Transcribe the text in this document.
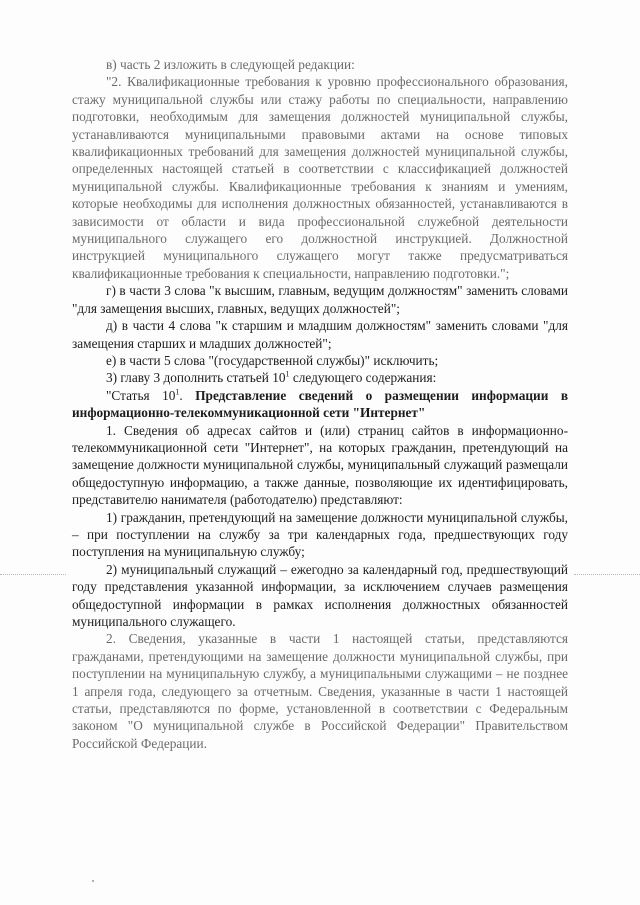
в) часть 2 изложить в следующей редакции:

"2. Квалификационные требования к уровню профессионального образования, стажу муниципальной службы или стажу работы по специальности, направлению подготовки, необходимым для замещения должностей муниципальной службы, устанавливаются муниципальными правовыми актами на основе типовых квалификационных требований для замещения должностей муниципальной службы, определенных настоящей статьей в соответствии с классификацией должностей муниципальной службы. Квалификационные требования к знаниям и умениям, которые необходимы для исполнения должностных обязанностей, устанавливаются в зависимости от области и вида профессиональной служебной деятельности муниципального служащего его должностной инструкцией. Должностной инструкцией муниципального служащего могут также предусматриваться квалификационные требования к специальности, направлению подготовки.";

г) в части 3 слова "к высшим, главным, ведущим должностям" заменить словами "для замещения высших, главных, ведущих должностей";

д) в части 4 слова "к старшим и младшим должностям" заменить словами "для замещения старших и младших должностей";

е) в части 5 слова "(государственной службы)" исключить;

3) главу 3 дополнить статьей $10^1$ следующего содержания:

"Статья $10^1$. Представление сведений о размещении информации в информационно-телекоммуникационной сети "Интернет"

1. Сведения об адресах сайтов и (или) страниц сайтов в информационно-телекоммуникационной сети "Интернет", на которых гражданин, претендующий на замещение должности муниципальной службы, муниципальный служащий размещали общедоступную информацию, а также данные, позволяющие их идентифицировать, представителю нанимателя (работодателю) представляют:

1) гражданин, претендующий на замещение должности муниципальной службы, – при поступлении на службу за три календарных года, предшествующих году поступления на муниципальную службу;

2) муниципальный служащий – ежегодно за календарный год, предшествующий году представления указанной информации, за исключением случаев размещения общедоступной информации в рамках исполнения должностных обязанностей муниципального служащего.

2. Сведения, указанные в части 1 настоящей статьи, представляются гражданами, претендующими на замещение должности муниципальной службы, при поступлении на муниципальную службу, а муниципальными служащими – не позднее 1 апреля года, следующего за отчетным. Сведения, указанные в части 1 настоящей статьи, представляются по форме, установленной в соответствии с Федеральным законом "О муниципальной службе в Российской Федерации" Правительством Российской Федерации.
